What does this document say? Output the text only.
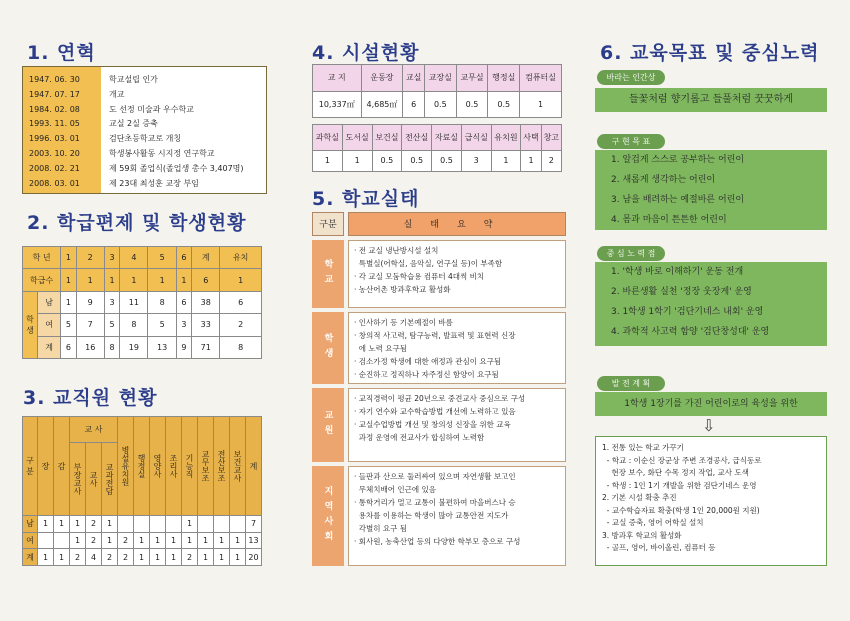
1. 연혁
1947. 06. 30	학교설립 인가
1947. 07. 17	개교
1984. 02. 08	도 선정 미술과 우수학교
1993. 11. 05	교실 2실 증축
1996. 03. 01	검단초등학교로 개칭
2003. 10. 20	학생봉사활동 시지정 연구학교
2008. 02. 21	제 59회 졸업식(졸업생 총수 3,407명)
2008. 03. 01	제 23대 최성훈 교장 부임
2. 학급편제 및 학생현황
학 년		1	2	3	4	5	6	계	유치
학급수		1	1	1	1	1	1	6	1
학생	남	1	9	3	11	8	6	38	6
	여	5	7	5	8	5	3	33	2
	계	6	16	8	19	13	9	71	8
3. 교직원 현황
구분	장	감	교 사			병설유치원	행정실	영양사	조리사	기능직	교무보조	전산보조	보건교사	계
			부장교사	교사	교과전담									
남	1	1	1	2	1					1				7
여			1	2	1	2	1	1	1	1	1	1	1	13
계	1	1	2	4	2	2	1	1	1	2	1	1	1	20
4. 시설현황
교 지	운동장	교실	교장실	교무실	행정실	컴퓨터실
10,337㎡	4,685㎡	6	0.5	0.5	0.5	1
과학실	도서실	보건실	전산실	자료실	급식실	유치원	사택	창고
1	1	0.5	0.5	0.5	3	1	1	2
5. 학교실태
구분	실태요약
학교
· 전 교실 냉난방시설 설치
특별실(어학실, 음악실, 연구실 등)이 부족함
· 각 교실 모둠학습용 컴퓨터 4대씩 비치
· 농산어촌 방과후학교 활성화
학생
· 인사하기 등 기본예절이 바름
· 창의적 사고력, 탐구능력, 발표력 및 표현력 신장
에 노력 요구됨
· 검소가정 학생에 대한 애정과 관심이 요구됨
· 순진하고 정직하나 자주정신 함양이 요구됨
교원
· 교직경력이 평균 20년으로 중견교사 중심으로 구성
· 자기 연수와 교수학습방법 개선에 노력하고 있음
· 교실수업방법 개선 및 창의성 신장을 위한 교육
과정 운영에 전교사가 합심하여 노력함
지역사회
· 들판과 산으로 둘러싸여 있으며 자연생활 보고인
무체치배어 인근에 있음
· 통학거리가 멀고 교통이 불편하여 마을버스나 승
용차를 이용하는 학생이 많아 교통안전 지도가
각별히 요구 됨
· 회사원, 농축산업 등의 다양한 학부모 층으로 구성
6. 교육목표 및 중심노력
바라는 인간상
들꽃처럼 향기롭고 들풀처럼 꿋꿋하게
구 현 목 표
1. 알겁게 스스로 공부하는 어린이
2. 새롭게 생각하는 어린이
3. 남을 배려하는 예절바른 어린이
4. 몸과 마음이 튼튼한 어린이
중 심 노 력 점
1. '학생 바로 이해하기' 운동 전개
2. 바른생활 실천 '정장 웃장게' 운영
3. 1학생 1학기 '검단기네스 내회' 운영
4. 과학적 사고력 함양 '검단창성대' 운영
발 전 계 획
1학생 1장기를 가진 어린이로의 육성을 위한
⇩
1. 전통 있는 학교 가꾸기
- 학교 : 이순신 장군상 주변 조경공사, 급식동로
현장 보수, 화단 수목 정지 작업, 교사 도색
- 학생 : 1인 1기 개발을 위한 검단기네스 운영
2. 기본 시설 확충 추진
- 교수학습자료 확충(학생 1인 20,000원 지원)
- 교실 증축, 영어 어학실 설치
3. 방과후 학교의 활성화
- 골프, 영어, 바이올린, 컴퓨터 등
